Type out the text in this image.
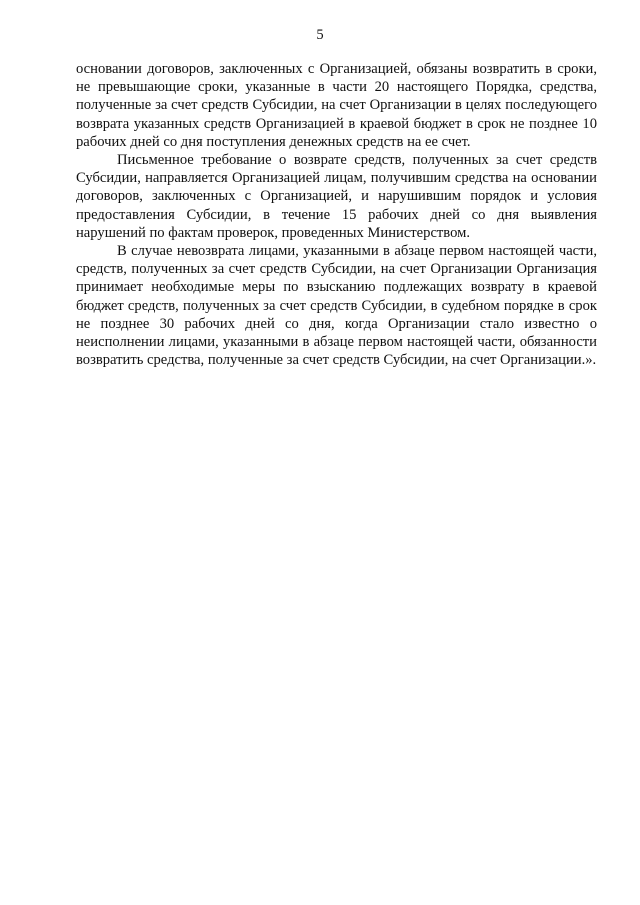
5

основании договоров, заключенных с Организацией, обязаны возвратить в сроки, не превышающие сроки, указанные в части 20 настоящего Порядка, средства, полученные за счет средств Субсидии, на счет Организации в целях последующего возврата указанных средств Организацией в краевой бюджет в срок не позднее 10 рабочих дней со дня поступления денежных средств на ее счет.

Письменное требование о возврате средств, полученных за счет средств Субсидии, направляется Организацией лицам, получившим средства на основании договоров, заключенных с Организацией, и нарушившим порядок и условия предоставления Субсидии, в течение 15 рабочих дней со дня выявления нарушений по фактам проверок, проведенных Министерством.

В случае невозврата лицами, указанными в абзаце первом настоящей части, средств, полученных за счет средств Субсидии, на счет Организации Организация принимает необходимые меры по взысканию подлежащих возврату в краевой бюджет средств, полученных за счет средств Субсидии, в судебном порядке в срок не позднее 30 рабочих дней со дня, когда Организации стало известно о неисполнении лицами, указанными в абзаце первом настоящей части, обязанности возвратить средства, полученные за счет средств Субсидии, на счет Организации.».
